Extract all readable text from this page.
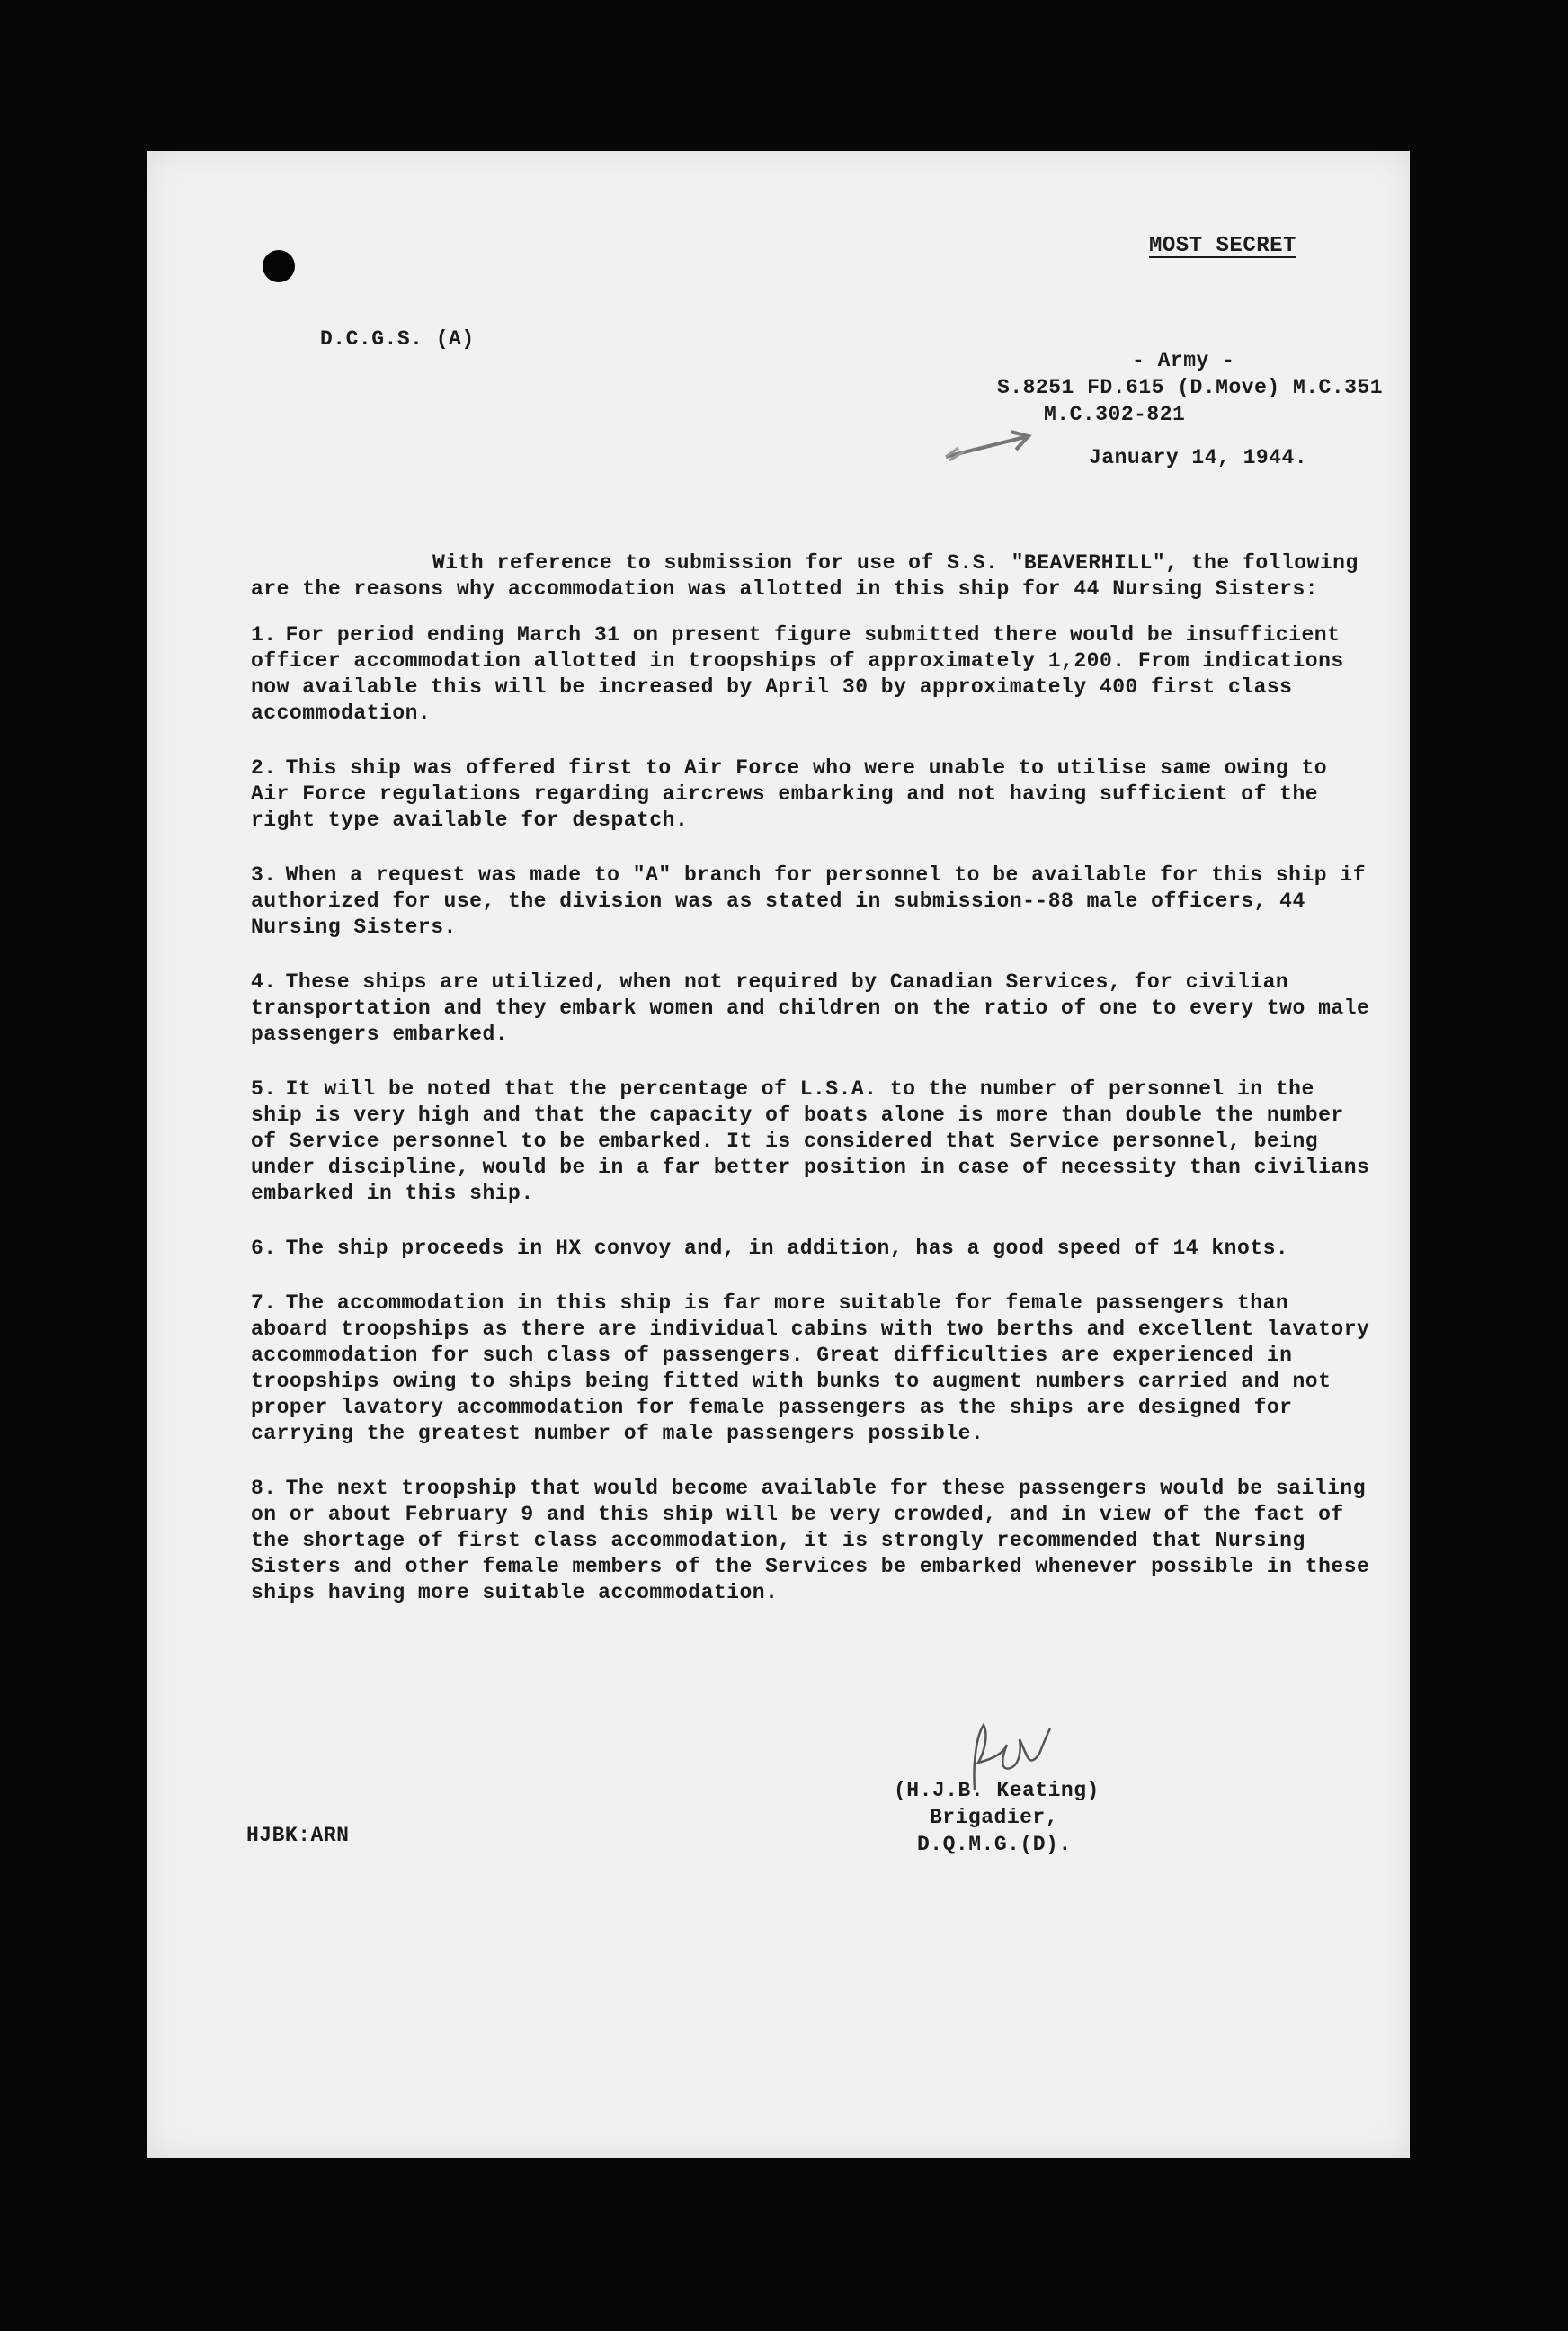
MOST SECRET
D.C.G.S. (A)
- Army -
S.8251 FD.615 (D.Move) M.C.351
M.C.302-821
January 14, 1944.

With reference to submission for use of S.S. "BEAVERHILL", the following are the reasons why accommodation was allotted in this ship for 44 Nursing Sisters:

1. For period ending March 31 on present figure submitted there would be insufficient officer accommodation allotted in troopships of approximately 1,200. From indications now available this will be increased by April 30 by approximately 400 first class accommodation.

2. This ship was offered first to Air Force who were unable to utilise same owing to Air Force regulations regarding aircrews embarking and not having sufficient of the right type available for despatch.

3. When a request was made to "A" branch for personnel to be available for this ship if authorized for use, the division was as stated in submission--88 male officers, 44 Nursing Sisters.

4. These ships are utilized, when not required by Canadian Services, for civilian transportation and they embark women and children on the ratio of one to every two male passengers embarked.

5. It will be noted that the percentage of L.S.A. to the number of personnel in the ship is very high and that the capacity of boats alone is more than double the number of Service personnel to be embarked. It is considered that Service personnel, being under discipline, would be in a far better position in case of necessity than civilians embarked in this ship.

6. The ship proceeds in HX convoy and, in addition, has a good speed of 14 knots.

7. The accommodation in this ship is far more suitable for female passengers than aboard troopships as there are individual cabins with two berths and excellent lavatory accommodation for such class of passengers. Great difficulties are experienced in troopships owing to ships being fitted with bunks to augment numbers carried and not proper lavatory accommodation for female passengers as the ships are designed for carrying the greatest number of male passengers possible.

8. The next troopship that would become available for these passengers would be sailing on or about February 9 and this ship will be very crowded, and in view of the fact of the shortage of first class accommodation, it is strongly recommended that Nursing Sisters and other female members of the Services be embarked whenever possible in these ships having more suitable accommodation.

(H.J.B. Keating)
Brigadier,
D.Q.M.G.(D).
HJBK:ARN
